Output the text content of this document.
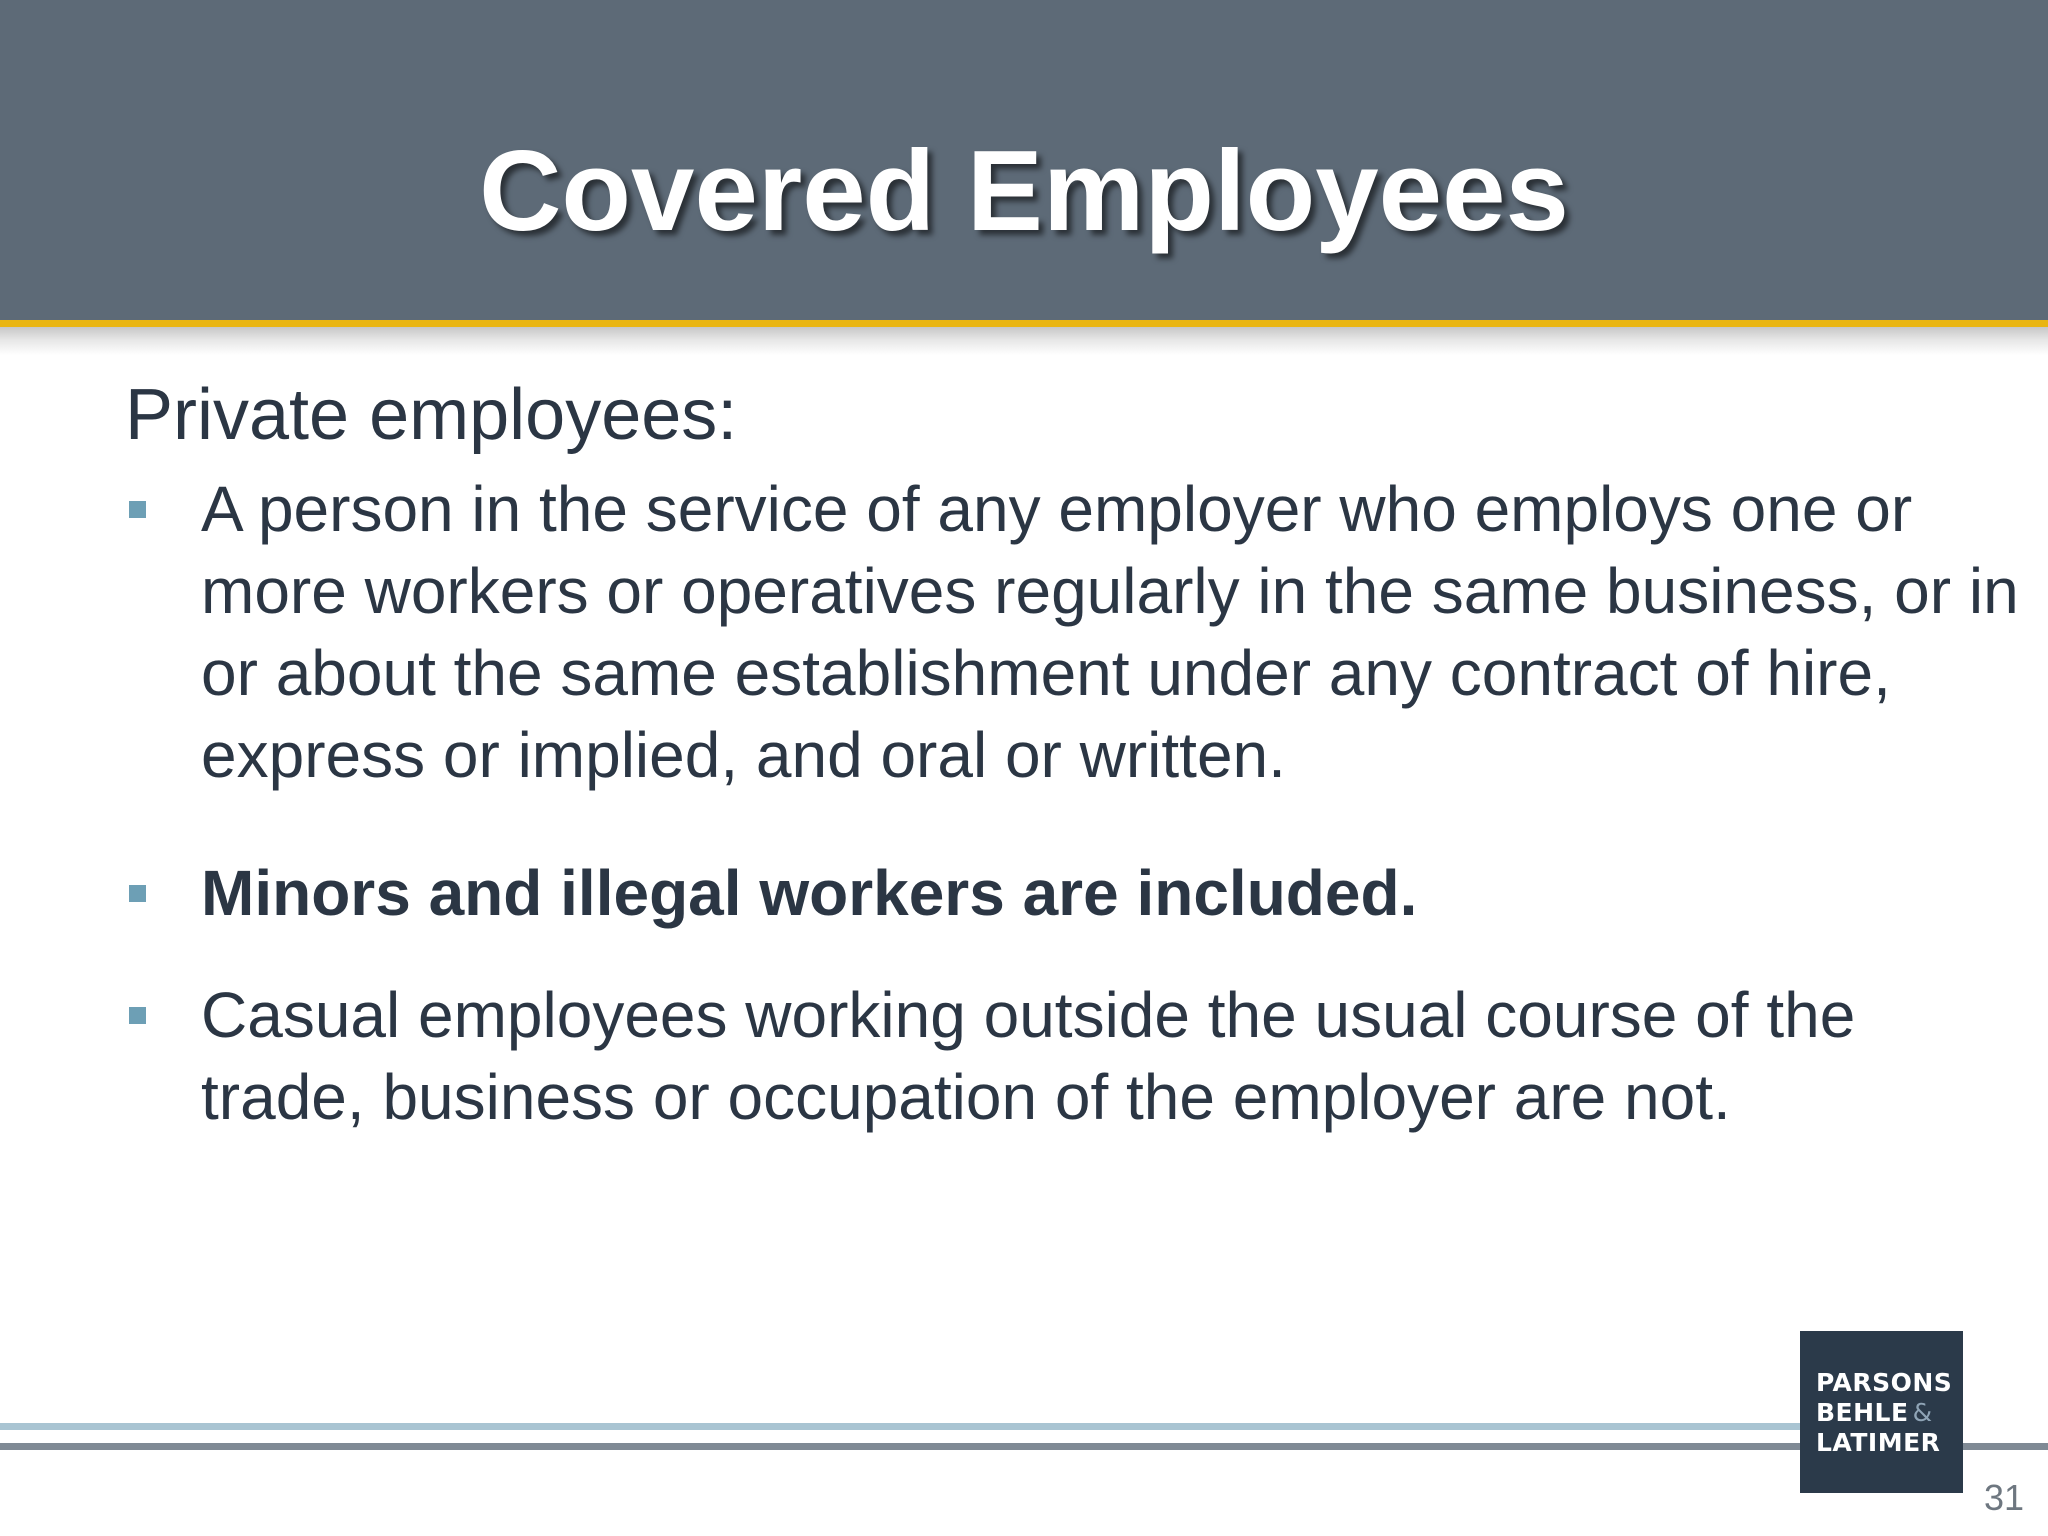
Covered Employees

Private employees:

A person in the service of any employer who employs one or more workers or operatives regularly in the same business, or in or about the same establishment under any contract of hire, express or implied, and oral or written.
Minors and illegal workers are included.
Casual employees working outside the usual course of the trade, business or occupation of the employer are not.
PARSONS
BEHLE &
LATIMER
31
